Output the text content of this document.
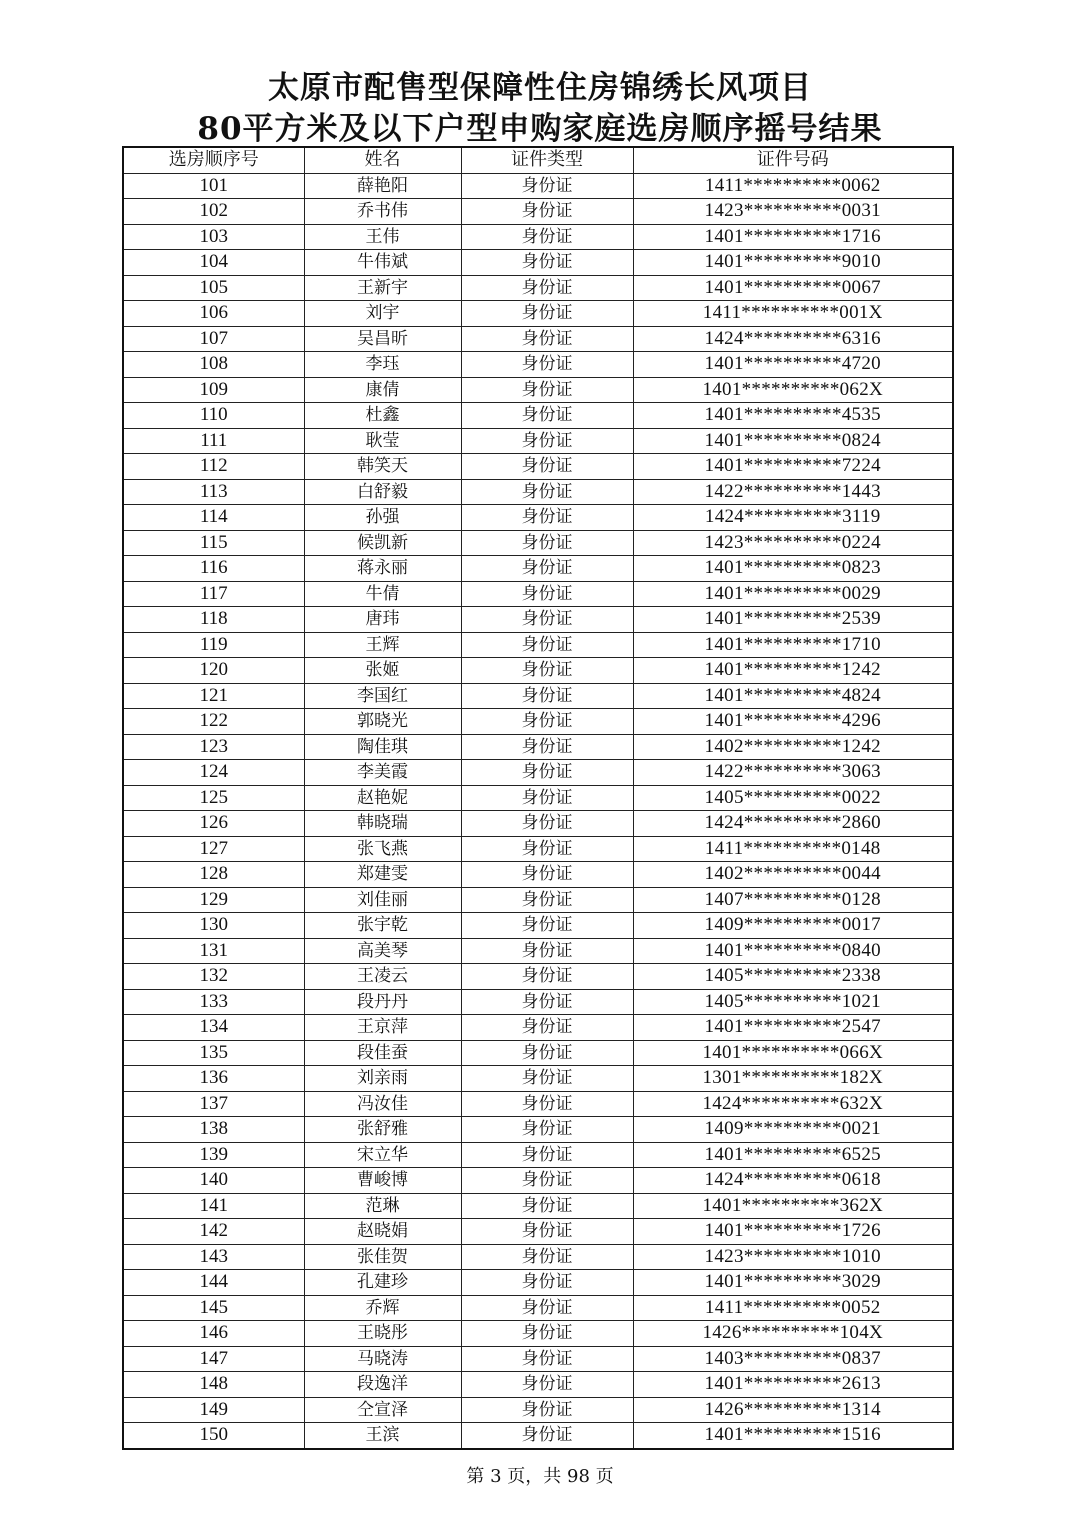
太原市配售型保障性住房锦绣长风项目
80平方米及以下户型申购家庭选房顺序摇号结果
选房顺序号	姓名	证件类型	证件号码
101	薛艳阳	身份证	1411**********0062
102	乔书伟	身份证	1423**********0031
103	王伟	身份证	1401**********1716
104	牛伟斌	身份证	1401**********9010
105	王新宇	身份证	1401**********0067
106	刘宇	身份证	1411**********001X
107	吴昌昕	身份证	1424**********6316
108	李珏	身份证	1401**********4720
109	康倩	身份证	1401**********062X
110	杜鑫	身份证	1401**********4535
111	耿莹	身份证	1401**********0824
112	韩笑天	身份证	1401**********7224
113	白舒毅	身份证	1422**********1443
114	孙强	身份证	1424**********3119
115	候凯新	身份证	1423**********0224
116	蒋永丽	身份证	1401**********0823
117	牛倩	身份证	1401**********0029
118	唐玮	身份证	1401**********2539
119	王辉	身份证	1401**********1710
120	张姬	身份证	1401**********1242
121	李国红	身份证	1401**********4824
122	郭晓光	身份证	1401**********4296
123	陶佳琪	身份证	1402**********1242
124	李美霞	身份证	1422**********3063
125	赵艳妮	身份证	1405**********0022
126	韩晓瑞	身份证	1424**********2860
127	张飞燕	身份证	1411**********0148
128	郑建雯	身份证	1402**********0044
129	刘佳丽	身份证	1407**********0128
130	张宇乾	身份证	1409**********0017
131	高美琴	身份证	1401**********0840
132	王凌云	身份证	1405**********2338
133	段丹丹	身份证	1405**********1021
134	王京萍	身份证	1401**********2547
135	段佳蚕	身份证	1401**********066X
136	刘亲雨	身份证	1301**********182X
137	冯汝佳	身份证	1424**********632X
138	张舒雅	身份证	1409**********0021
139	宋立华	身份证	1401**********6525
140	曹峻博	身份证	1424**********0618
141	范琳	身份证	1401**********362X
142	赵晓娟	身份证	1401**********1726
143	张佳贺	身份证	1423**********1010
144	孔建珍	身份证	1401**********3029
145	乔辉	身份证	1411**********0052
146	王晓彤	身份证	1426**********104X
147	马晓涛	身份证	1403**********0837
148	段逸洋	身份证	1401**********2613
149	仝宣泽	身份证	1426**********1314
150	王滨	身份证	1401**********1516
第 3 页，共 98 页
